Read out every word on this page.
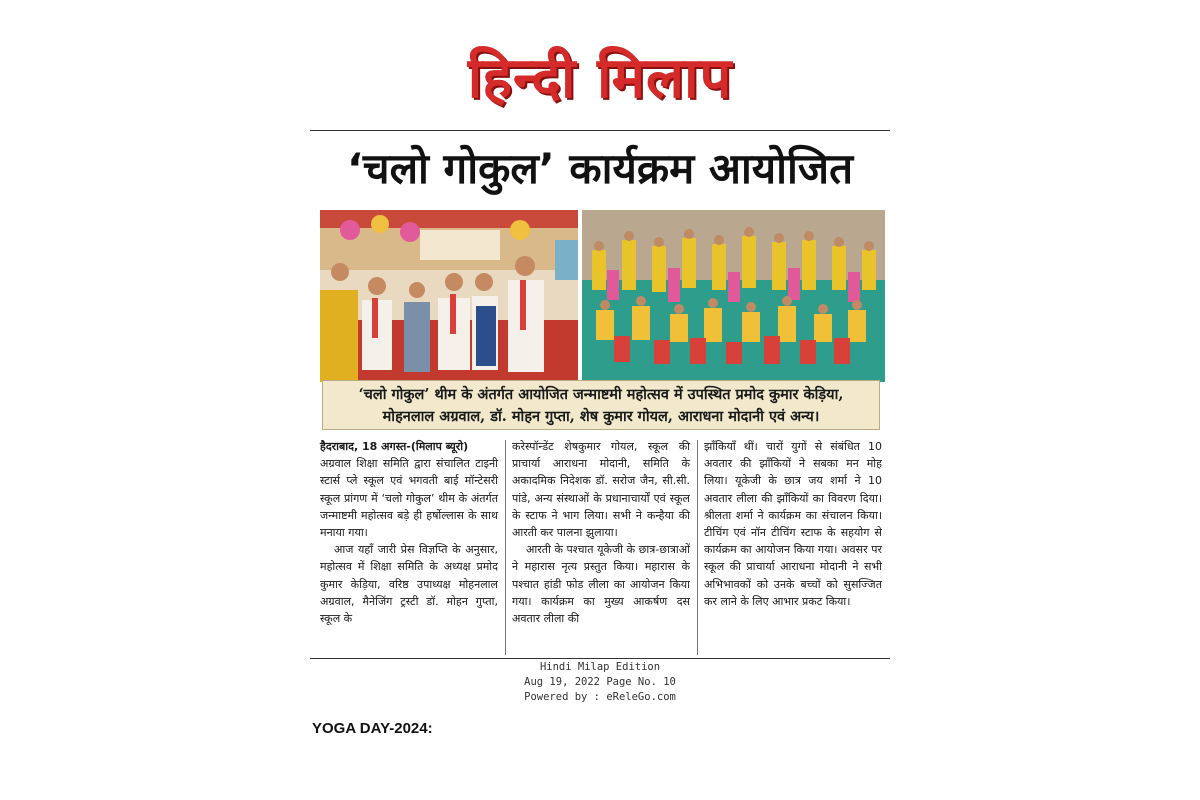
हिन्दी मिलाप
‘चलो गोकुल’ कार्यक्रम आयोजित
‘चलो गोकुल’ थीम के अंतर्गत आयोजित जन्माष्टमी महोत्सव में उपस्थित प्रमोद कुमार केड़िया,
मोहनलाल अग्रवाल, डॉ. मोहन गुप्ता, शेष कुमार गोयल, आराधना मोदानी एवं अन्य।

हैदराबाद, 18 अगस्त-(मिलाप ब्यूरो)

अग्रवाल शिक्षा समिति द्वारा संचालित टाइनी स्टार्स प्ले स्कूल एवं भगवती बाई मॉन्टेसरी स्कूल प्रांगण में ‘चलो गोकुल’ थीम के अंतर्गत जन्माष्टमी महोत्सव बड़े ही हर्षोल्लास के साथ मनाया गया।

आज यहाँ जारी प्रेस विज्ञप्ति के अनुसार, महोत्सव में शिक्षा समिति के अध्यक्ष प्रमोद कुमार केड़िया, वरिष्ठ उपाध्यक्ष मोहनलाल अग्रवाल, मैनेजिंग ट्रस्टी डॉ. मोहन गुप्ता, स्कूल के

करेस्पॉन्डेंट शेषकुमार गोयल, स्कूल की प्राचार्या आराधना मोदानी, समिति के अकादमिक निदेशक डॉ. सरोज जैन, सी.सी. पांडे, अन्य संस्थाओं के प्रधानाचार्यों एवं स्कूल के स्टाफ ने भाग लिया। सभी ने कन्हैया की आरती कर पालना झुलाया।

आरती के पश्चात यूकेजी के छात्र-छात्राओं ने महारास नृत्य प्रस्तुत किया। महारास के पश्चात हांडी फोड लीला का आयोजन किया गया। कार्यक्रम का मुख्य आकर्षण दस अवतार लीला की

झाँकियाँ थीं। चारों युगों से संबंधित 10 अवतार की झाँकियों ने सबका मन मोह लिया। यूकेजी के छात्र जय शर्मा ने 10 अवतार लीला की झाँकियों का विवरण दिया। श्रीलता शर्मा ने कार्यक्रम का संचालन किया। टीचिंग एवं नॉन टीचिंग स्टाफ के सहयोग से कार्यक्रम का आयोजन किया गया। अवसर पर स्कूल की प्राचार्या आराधना मोदानी ने सभी अभिभावकों को उनके बच्चों को सुसज्जित कर लाने के लिए आभार प्रकट किया।

Hindi Milap Edition
Aug 19, 2022 Page No. 10
Powered by : eReleGo.com
YOGA DAY-2024:
